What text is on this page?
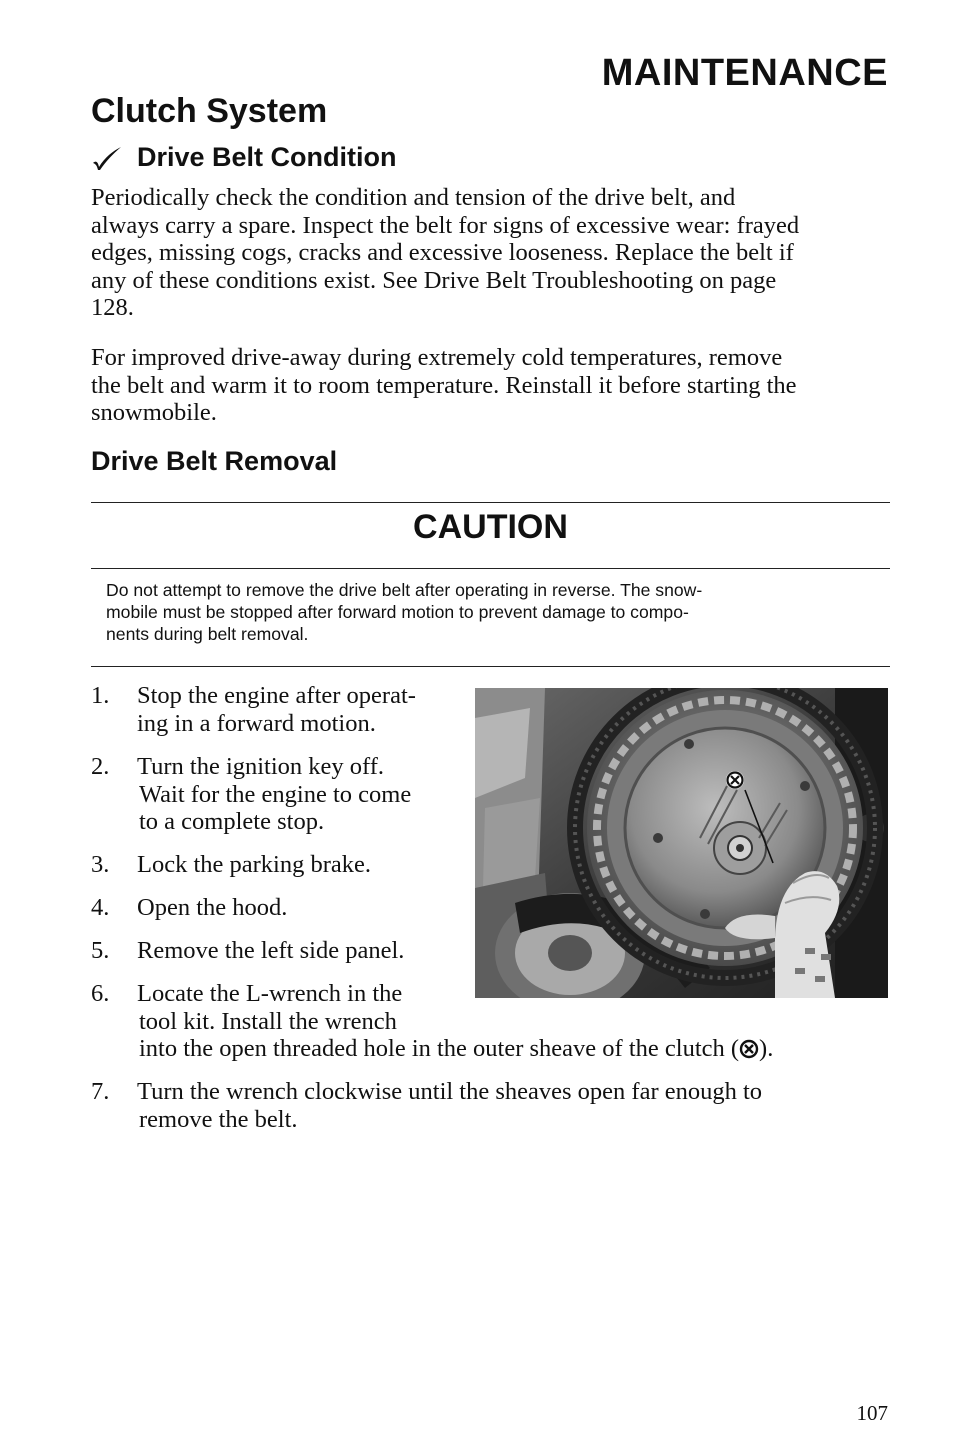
MAINTENANCE
Clutch System
Drive Belt Condition
Periodically check the condition and tension of the drive belt, and
always carry a spare. Inspect the belt for signs of excessive wear: frayed
edges, missing cogs, cracks and excessive looseness. Replace the belt if
any of these conditions exist. See Drive Belt Troubleshooting on page
128.
For improved drive-away during extremely cold temperatures, remove
the belt and warm it to room temperature. Reinstall it before starting the
snowmobile.
Drive Belt Removal
CAUTION
Do not attempt to remove the drive belt after operating in reverse. The snow-
mobile must be stopped after forward motion to prevent damage to compo-
nents during belt removal.
1. Stop the engine after operat-
ing in a forward motion.
2. Turn the ignition key off.
Wait for the engine to come
to a complete stop.
3. Lock the parking brake.
4. Open the hood.
5. Remove the left side panel.
6. Locate the L-wrench in the
tool kit. Install the wrench
into the open threaded hole in the outer sheave of the clutch ( ).
7. Turn the wrench clockwise until the sheaves open far enough to
remove the belt.
107
